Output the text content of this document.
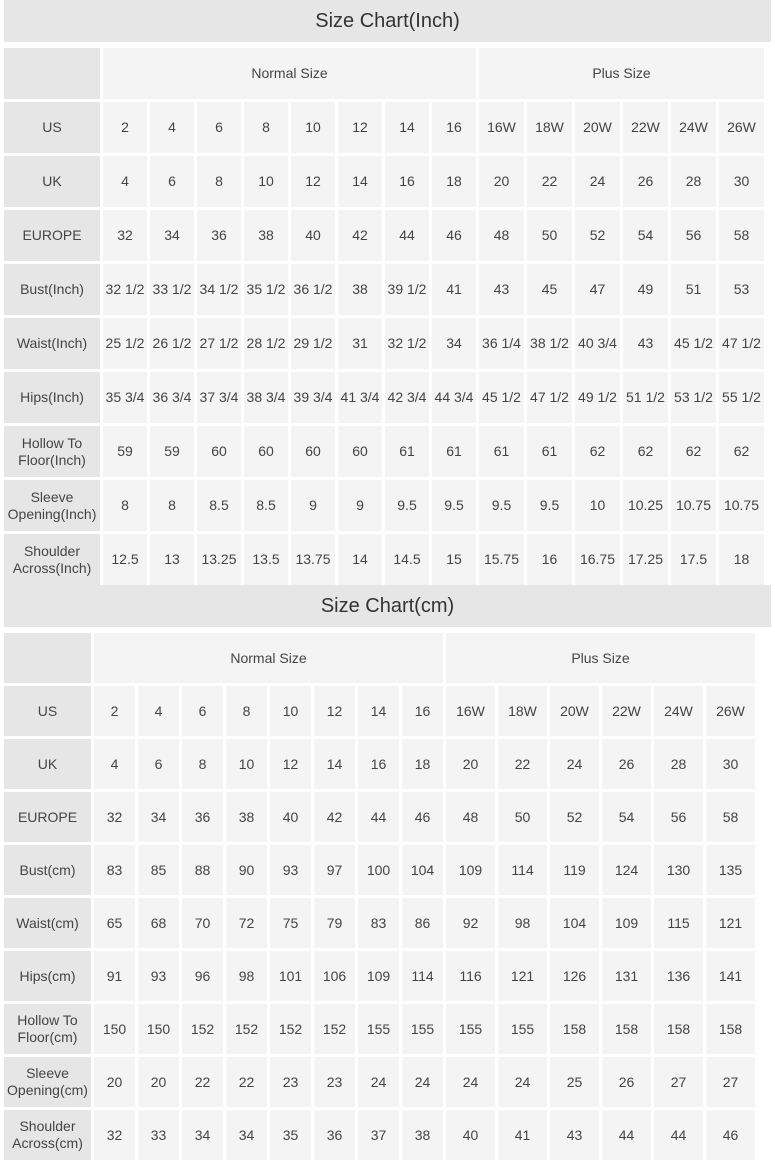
Size Chart(Inch)
	Normal Size								Plus Size					
US	2	4	6	8	10	12	14	16	16W	18W	20W	22W	24W	26W
UK	4	6	8	10	12	14	16	18	20	22	24	26	28	30
EUROPE	32	34	36	38	40	42	44	46	48	50	52	54	56	58
Bust(Inch)	32 1/2	33 1/2	34 1/2	35 1/2	36 1/2	38	39 1/2	41	43	45	47	49	51	53
Waist(Inch)	25 1/2	26 1/2	27 1/2	28 1/2	29 1/2	31	32 1/2	34	36 1/4	38 1/2	40 3/4	43	45 1/2	47 1/2
Hips(Inch)	35 3/4	36 3/4	37 3/4	38 3/4	39 3/4	41 3/4	42 3/4	44 3/4	45 1/2	47 1/2	49 1/2	51 1/2	53 1/2	55 1/2
Hollow To Floor(Inch)	59	59	60	60	60	60	61	61	61	61	62	62	62	62
Sleeve Opening(Inch)	8	8	8.5	8.5	9	9	9.5	9.5	9.5	9.5	10	10.25	10.75	10.75
Shoulder Across(Inch)	12.5	13	13.25	13.5	13.75	14	14.5	15	15.75	16	16.75	17.25	17.5	18
Size Chart(cm)
	Normal Size								Plus Size					
US	2	4	6	8	10	12	14	16	16W	18W	20W	22W	24W	26W
UK	4	6	8	10	12	14	16	18	20	22	24	26	28	30
EUROPE	32	34	36	38	40	42	44	46	48	50	52	54	56	58
Bust(cm)	83	85	88	90	93	97	100	104	109	114	119	124	130	135
Waist(cm)	65	68	70	72	75	79	83	86	92	98	104	109	115	121
Hips(cm)	91	93	96	98	101	106	109	114	116	121	126	131	136	141
Hollow To Floor(cm)	150	150	152	152	152	152	155	155	155	155	158	158	158	158
Sleeve Opening(cm)	20	20	22	22	23	23	24	24	24	24	25	26	27	27
Shoulder Across(cm)	32	33	34	34	35	36	37	38	40	41	43	44	44	46
